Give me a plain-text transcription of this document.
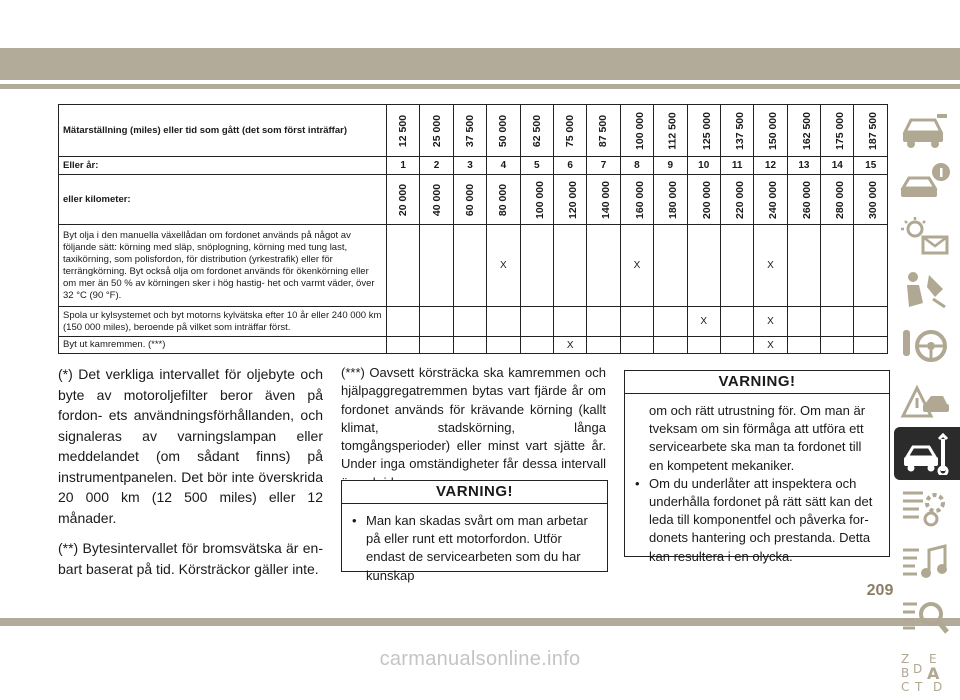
Mätarställning (miles) eller tid som gått (det som först inträffar)	12 500	25 000	37 500	50 000	62 500	75 000	87 500	100 000	112 500	125 000	137 500	150 000	162 500	175 000	187 500
Eller år:	1	2	3	4	5	6	7	8	9	10	11	12	13	14	15
eller kilometer:	20 000	40 000	60 000	80 000	100 000	120 000	140 000	160 000	180 000	200 000	220 000	240 000	260 000	280 000	300 000
Byt olja i den manuella växellådan om fordonet används på något av följande sätt: körning med släp, snöplogning, körning med tung last, taxikörning, som polisfordon, för distribution (yrkestrafik) eller för terrängkörning. Byt också olja om fordonet används för ökenkörning eller om mer än 50 % av körningen sker i hög hastig- het och varmt väder, över 32 °C (90 °F).				X				X				X			
Spola ur kylsystemet och byt motorns kylvätska efter 10 år eller 240 000 km (150 000 miles), beroende på vilket som inträffar först.										X		X			
Byt ut kamremmen. (***)						X						X			

(*) Det verkliga intervallet för oljebyte och byte av motoroljefilter beror även på fordon- ets användningsförhållanden, och signaleras av varningslampan eller meddelandet (om sådant finns) på instrumentpanelen. Det bör inte överskrida 20 000 km (12 500 miles) eller 12 månader.

(**) Bytesintervallet för bromsvätska är en- bart baserat på tid. Körsträckor gäller inte.

(***) Oavsett körsträcka ska kamremmen och hjälpaggregatremmen bytas vart fjärde år om fordonet används för krävande körning (kallt klimat, stadskörning, långa tomgångsperioder) eller minst vart sjätte år. Under inga omständigheter får dessa intervall

VARNING!
• Man kan skadas svårt om man arbetar på eller runt ett motorfordon. Utför endast de servicearbeten som du har kunskap
VARNING!
om och rätt utrustning för. Om man är tveksam om sin förmåga att utföra ett servicearbete ska man ta fordonet till en kompetent mekaniker.
• Om du underlåter att inspektera och underhålla fordonet på rätt sätt kan det leda till komponentfel och påverka for- donets hantering och prestanda. Detta kan resultera i en olycka.
Z E
B A
D
C T D
209
carmanualsonline.info
